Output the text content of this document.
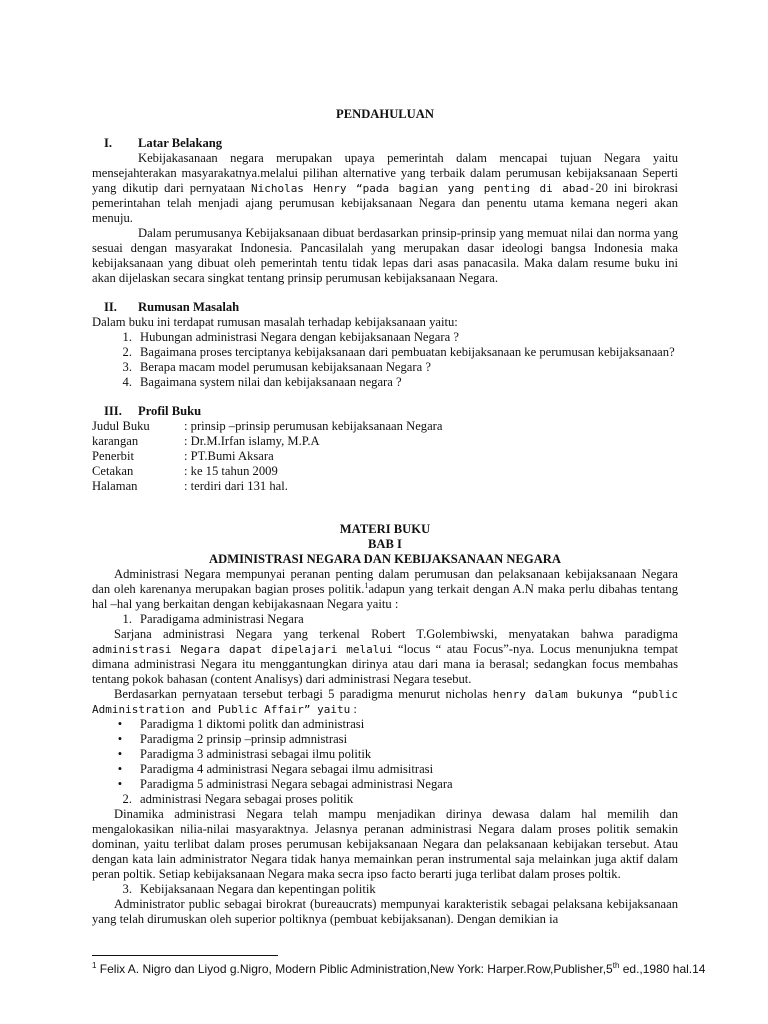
PENDAHULUAN
I.	Latar Belakang
Kebijakasanaan negara merupakan upaya pemerintah dalam mencapai tujuan Negara yaitu mensejahterakan masyarakatnya.melalui pilihan alternative yang terbaik dalam perumusan kebijaksanaan Seperti yang dikutip dari pernyataan Nicholas Henry “pada bagian yang penting di abad-20 ini birokrasi pemerintahan telah menjadi ajang perumusan kebijaksanaan Negara dan penentu utama kemana negeri akan menuju.
Dalam perumusanya Kebijaksanaan dibuat berdasarkan prinsip-prinsip yang memuat nilai dan norma yang sesuai dengan masyarakat Indonesia. Pancasilalah yang merupakan dasar ideologi bangsa Indonesia maka kebijaksanaan yang dibuat oleh pemerintah tentu tidak lepas dari asas panacasila. Maka dalam resume buku ini akan dijelaskan secara singkat tentang prinsip perumusan kebijaksanaan Negara.
II.	Rumusan Masalah
Dalam buku ini terdapat rumusan masalah terhadap kebijaksanaan yaitu:
1. Hubungan administrasi Negara dengan kebijaksanaan Negara ?
2. Bagaimana proses terciptanya kebijaksanaan dari pembuatan kebijaksanaan ke perumusan kebijaksanaan?
3. Berapa macam model perumusan kebijaksanaan Negara ?
4. Bagaimana system nilai dan kebijaksanaan negara ?
III.	Profil Buku
Judul Buku	: prinsip –prinsip perumusan kebijaksanaan Negara
karangan	: Dr.M.Irfan islamy, M.P.A
Penerbit	: PT.Bumi Aksara
Cetakan	: ke 15 tahun 2009
Halaman	: terdiri dari 131 hal.
MATERI BUKU
BAB I
ADMINISTRASI NEGARA DAN KEBIJAKSANAAN NEGARA
Administrasi Negara mempunyai peranan penting dalam perumusan dan pelaksanaan kebijaksanaan Negara dan oleh karenanya merupakan bagian proses politik.$^1$adapun yang terkait dengan A.N maka perlu dibahas tentang hal –hal yang berkaitan dengan kebijakasnaan Negara yaitu :
1. Paradigama administrasi Negara
Sarjana administrasi Negara yang terkenal Robert T.Golembiwski, menyatakan bahwa paradigma administrasi Negara dapat dipelajari melalui “locus “ atau Focus”-nya. Locus menunjukna tempat dimana administrasi Negara itu menggantungkan dirinya atau dari mana ia berasal; sedangkan focus membahas tentang pokok bahasan (content Analisys) dari administrasi Negara tesebut.
Berdasarkan pernyataan tersebut terbagi 5 paradigma menurut nicholas henry dalam bukunya “public Administration and Public Affair” yaitu :
•	Paradigma 1 diktomi politk dan administrasi
•	Paradigma 2 prinsip –prinsip admnistrasi
•	Paradigma 3 administrasi sebagai ilmu politik
•	Paradigma 4 administrasi Negara sebagai ilmu admisitrasi
•	Paradigma 5 administrasi Negara sebagai administrasi Negara
2. administrasi Negara sebagai proses politik
Dinamika administrasi Negara telah mampu menjadikan dirinya dewasa dalam hal memilih dan mengalokasikan nilia-nilai masyaraktnya. Jelasnya peranan administrasi Negara dalam proses politik semakin dominan, yaitu terlibat dalam proses perumusan kebijaksanaan Negara dan pelaksanaan kebijakan tersebut. Atau dengan kata lain administrator Negara tidak hanya memainkan peran instrumental saja melainkan juga aktif dalam peran poltik. Setiap kebijaksanaan Negara maka secra ipso facto berarti juga terlibat dalam proses poltik.
3. Kebijaksanaan Negara dan kepentingan politik
Administrator public sebagai birokrat (bureaucrats) mempunyai karakteristik sebagai pelaksana kebijaksanaan yang telah dirumuskan oleh superior poltiknya (pembuat kebijaksanan). Dengan demikian ia
$^1$ Felix A. Nigro dan Liyod g.Nigro, Modern Piblic Administration,New York: Harper.Row,Publisher,5th ed.,1980 hal.14
